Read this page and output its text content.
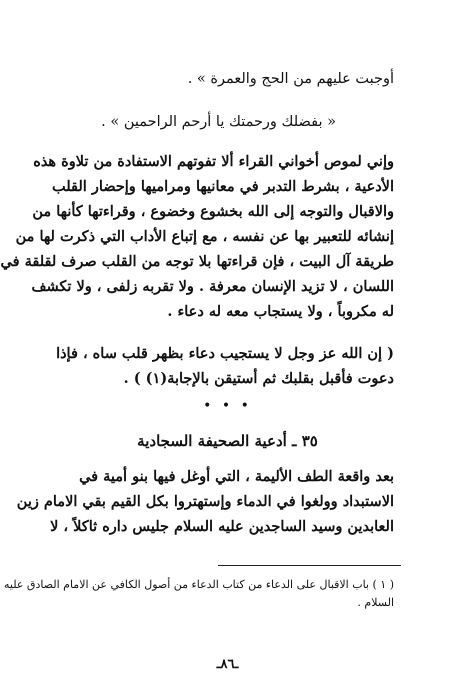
أوجبت عليهم من الحج والعمرة » .
« بفضلك ورحمتك يا أرحم الراحمين » .
وإني لموص أخواني القراء ألا تفوتهم الاستفادة من تلاوة هذه
الأدعية ، بشرط التدبر في معانيها ومراميها وإحضار القلب
والاقبال والتوجه إلى الله بخشوع وخضوع ، وقراءتها كأنها من
إنشائه للتعبير بها عن نفسه ، مع إتباع الأداب التي ذكرت لها من
طريقة آل البيت ، فإن قراءتها بلا توجه من القلب صرف لقلقة في
اللسان ، لا تزيد الإنسان معرفة . ولا تقربه زلفى ، ولا تكشف
له مكروباً ، ولا يستجاب معه له دعاء .
( إن الله عز وجل لا يستجيب دعاء بظهر قلب ساه ، فإذا
دعوت فأقبل بقلبك ثم أستيقن بالإجابة(١) ) .
• • •
٣٥ ـ أدعية الصحيفة السجادية
بعد واقعة الطف الأليمة ، التي أوغل فيها بنو أمية في
الاستبداد وولغوا في الدماء وإستهتروا بكل القيم بقي الامام زين
العابدين وسيد الساجدين عليه السلام جليس داره ثاكلاً ، لا
( ١ ) باب الاقبال على الدعاء من كتاب الدعاء من أصول الكافي عن الامام الصادق عليه
السلام .
ـ٨٦ـ
